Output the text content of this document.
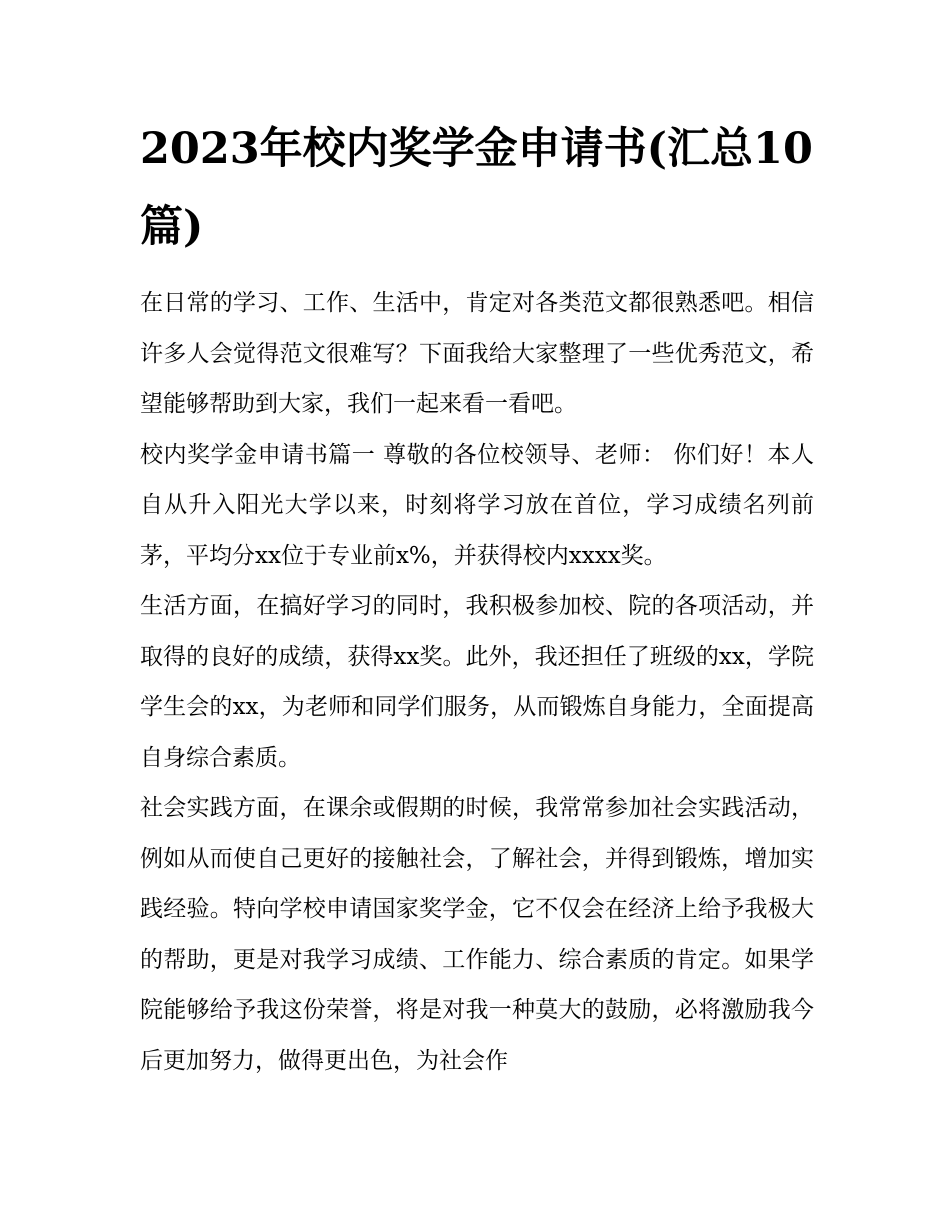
2023年校内奖学金申请书(汇总10篇)

在日常的学习、工作、生活中，肯定对各类范文都很熟悉吧。相信许多人会觉得范文很难写？下面我给大家整理了一些优秀范文，希望能够帮助到大家，我们一起来看一看吧。

校内奖学金申请书篇一 尊敬的各位校领导、老师： 你们好！本人自从升入阳光大学以来，时刻将学习放在首位，学习成绩名列前茅，平均分xx位于专业前x%，并获得校内xxxx奖。

生活方面，在搞好学习的同时，我积极参加校、院的各项活动，并取得的良好的成绩，获得xx奖。此外，我还担任了班级的xx，学院学生会的xx，为老师和同学们服务，从而锻炼自身能力，全面提高自身综合素质。

社会实践方面，在课余或假期的时候，我常常参加社会实践活动，例如从而使自己更好的接触社会，了解社会，并得到锻炼，增加实践经验。特向学校申请国家奖学金，它不仅会在经济上给予我极大的帮助，更是对我学习成绩、工作能力、综合素质的肯定。如果学院能够给予我这份荣誉，将是对我一种莫大的鼓励，必将激励我今后更加努力，做得更出色，为社会作
